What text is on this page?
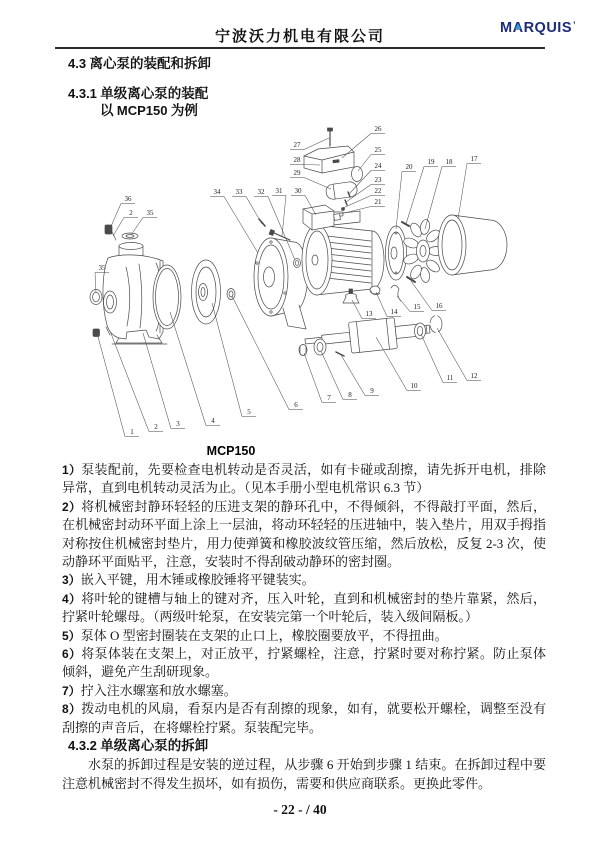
宁波沃力机电有限公司
M A RQUIS ’
4.3 离心泵的装配和拆卸
4.3.1 单级离心泵的装配
以 MCP150 为例
36
2 35
35
34 33 32 31 30
29
28
27
26
25
24
23
22
21
20
19 18	17
16
15
14
13
12
11
10
9
8
7
6
5
4
3
2
1
MCP150

1）泵装配前，先要检查电机转动是否灵活，如有卡碰或刮擦，请先拆开电机，排除异常，直到电机转动灵活为止。（见本手册小型电机常识 6.3 节）

2）将机械密封静环轻轻的压进支架的静环孔中，不得倾斜，不得敲打平面，然后，在机械密封动环平面上涂上一层油，将动环轻轻的压进轴中，装入垫片，用双手拇指对称按住机械密封垫片，用力使弹簧和橡胶波纹管压缩，然后放松，反复 2-3 次，使动静环平面贴平，注意，安装时不得刮破动静环的密封圈。

3）嵌入平键，用木锤或橡胶锤将平键装实。

4）将叶轮的键槽与轴上的键对齐，压入叶轮，直到和机械密封的垫片靠紧，然后，拧紧叶轮螺母。（两级叶轮泵，在安装完第一个叶轮后，装入级间隔板。）

5）泵体 O 型密封圈装在支架的止口上，橡胶圈要放平，不得扭曲。

6）将泵体装在支架上，对正放平，拧紧螺栓，注意，拧紧时要对称拧紧。防止泵体倾斜，避免产生刮研现象。

7）拧入注水螺塞和放水螺塞。

8）拨动电机的风扇，看泵内是否有刮擦的现象，如有，就要松开螺栓，调整至没有刮擦的声音后，在将螺栓拧紧。泵装配完毕。

4.3.2 单级离心泵的拆卸

水泵的拆卸过程是安装的逆过程，从步骤 6 开始到步骤 1 结束。在拆卸过程中要注意机械密封不得发生损坏，如有损伤，需要和供应商联系。更换此零件。

- 22 - / 40
